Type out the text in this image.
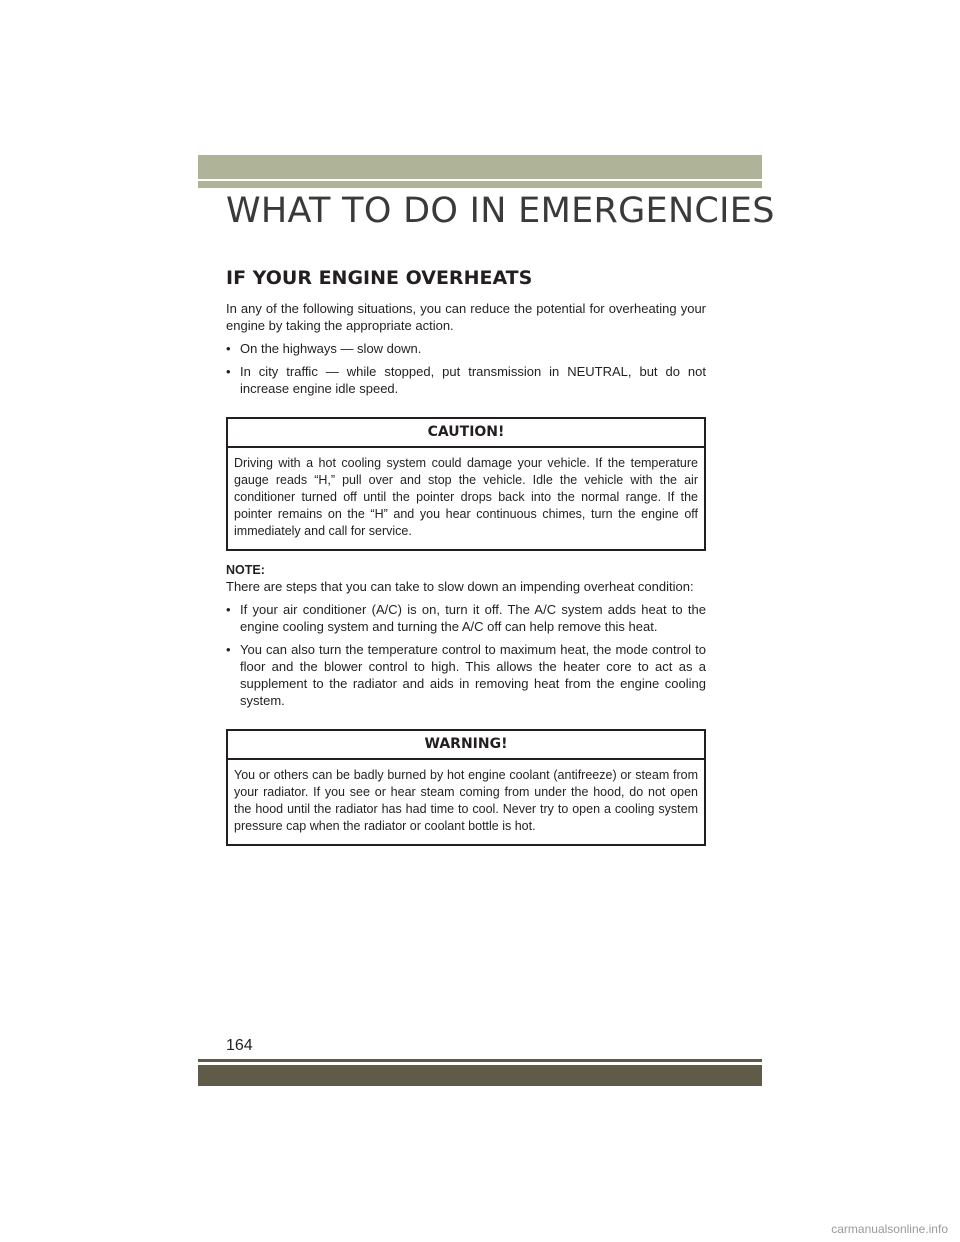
WHAT TO DO IN EMERGENCIES
IF YOUR ENGINE OVERHEATS

In any of the following situations, you can reduce the potential for overheating your engine by taking the appropriate action.

• On the highways — slow down.
• In city traffic — while stopped, put transmission in NEUTRAL, but do not increase engine idle speed.
CAUTION!
Driving with a hot cooling system could damage your vehicle. If the temperature gauge reads “H,” pull over and stop the vehicle. Idle the vehicle with the air conditioner turned off until the pointer drops back into the normal range. If the pointer remains on the “H” and you hear continuous chimes, turn the engine off immediately and call for service.

NOTE:

There are steps that you can take to slow down an impending overheat condition:

• If your air conditioner (A/C) is on, turn it off. The A/C system adds heat to the engine cooling system and turning the A/C off can help remove this heat.
• You can also turn the temperature control to maximum heat, the mode control to floor and the blower control to high. This allows the heater core to act as a supplement to the radiator and aids in removing heat from the engine cooling system.
WARNING!
You or others can be badly burned by hot engine coolant (antifreeze) or steam from your radiator. If you see or hear steam coming from under the hood, do not open the hood until the radiator has had time to cool. Never try to open a cooling system pressure cap when the radiator or coolant bottle is hot.

164

carmanualsonline.info
